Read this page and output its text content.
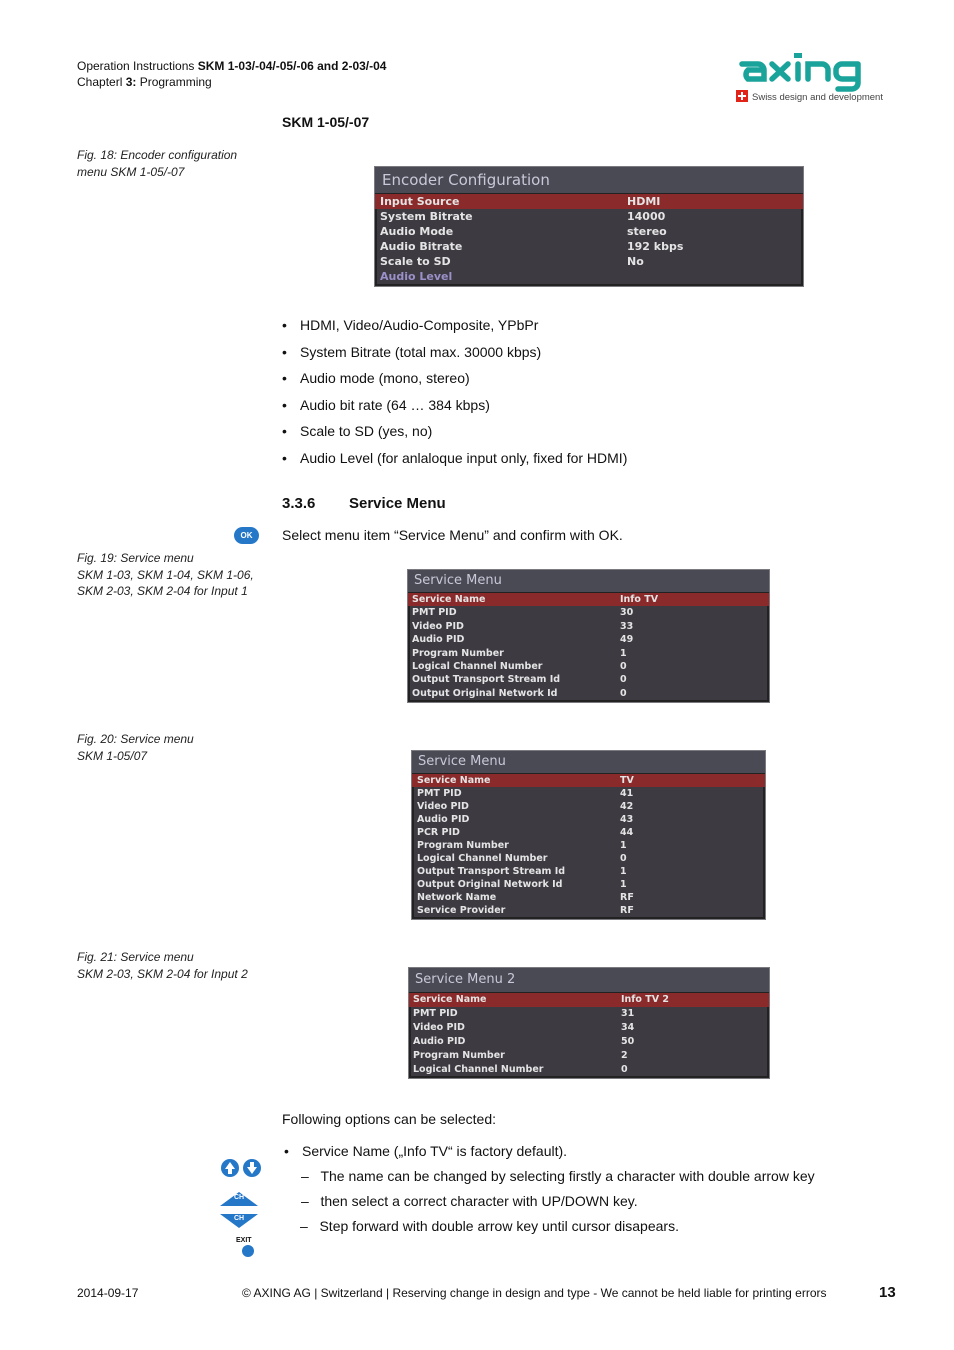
Operation Instructions SKM 1-03/-04/-05/-06 and 2-03/-04
Chapterl 3: Programming
Swiss design and development
SKM 1-05/-07
Fig. 18: Encoder configuration
menu SKM 1-05/-07	Encoder Configuration
Input Source	HDMI
System Bitrate	14000
Audio Mode	stereo
Audio Bitrate	192 kbps
Scale to SD	No
Audio Level
• HDMI, Video/Audio-Composite, YPbPr
• System Bitrate (total max. 30000 kbps)
• Audio mode (mono, stereo)
• Audio bit rate (64 … 384 kbps)
• Scale to SD (yes, no)
• Audio Level (for anlaloque input only, fixed for HDMI)
3.3.6 Service Menu
OK	Select menu item “Service Menu” and confirm with OK.
Fig. 19: Service menu
SKM 1-03, SKM 1-04, SKM 1-06,
SKM 2-03, SKM 2-04 for Input 1
Service Menu
Service Name	Info TV
PMT PID	30
Video PID	33
Audio PID	49
Program Number	1
Logical Channel Number	0
Output Transport Stream Id	0
Output Original Network Id	0
Fig. 20: Service menu
SKM 1-05/07	Service Menu
Service Name	TV
PMT PID	41
Video PID	42
Audio PID	43
PCR PID	44
Program Number	1
Logical Channel Number	0
Output Transport Stream Id	1
Output Original Network Id	1
Network Name	RF
Service Provider	RF
Fig. 21: Service menu
SKM 2-03, SKM 2-04 for Input 2	Service Menu 2
Service Name	Info TV 2
PMT PID	31
Video PID	34
Audio PID	50
Program Number	2
Logical Channel Number	0
Following options can be selected:
• Service Name („Info TV“ is factory default).
–   The name can be changed by selecting firstly a character with double arrow key
–   then select a correct character with UP/DOWN key.
–   Step forward with double arrow key until cursor disapears.
CH
CH
EXIT
2014-09-17	© AXING AG | Switzerland | Reserving change in design and type - We cannot be held liable for printing errors	13
